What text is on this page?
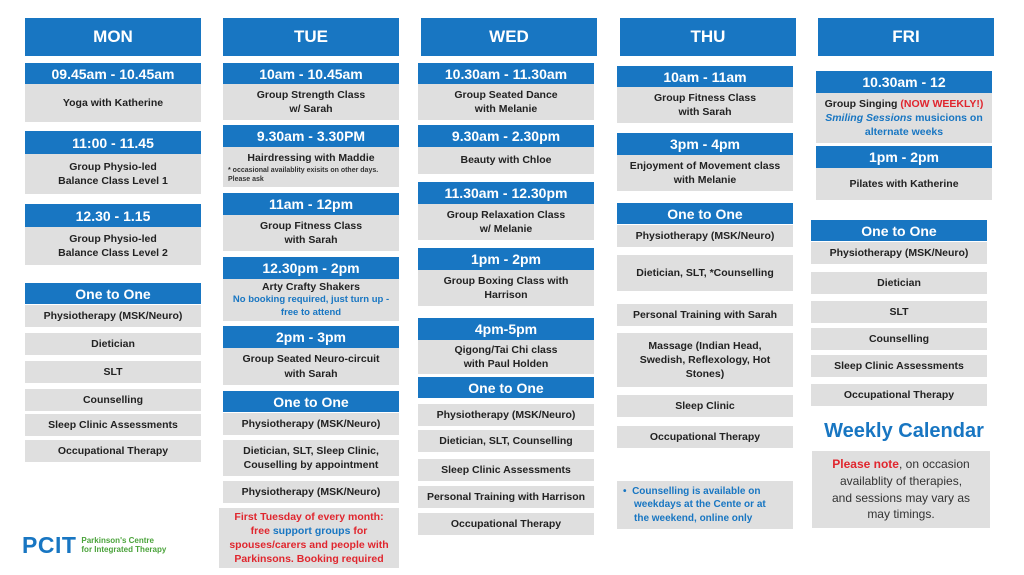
MON	TUE	WED	THU	FRI
09.45am - 10.45am
Yoga with Katherine
11:00 - 11.45
Group Physio-led
Balance Class Level 1
12.30 - 1.15
Group Physio-led
Balance Class Level 2
One to One
Physiotherapy (MSK/Neuro)
Dietician
SLT
Counselling
Sleep Clinic Assessments
Occupational Therapy
10am - 10.45am
Group Strength Class
w/ Sarah
9.30am - 3.30PM
Hairdressing with Maddie
* occasional availablity exisits on other days. Please ask
11am - 12pm
Group Fitness Class
with Sarah
12.30pm - 2pm
Arty Crafty Shakers
No booking required, just turn up -
free to attend
2pm - 3pm
Group Seated Neuro-circuit
with Sarah
One to One
Physiotherapy (MSK/Neuro)
Dietician, SLT, Sleep Clinic,
Couselling by appointment
Physiotherapy (MSK/Neuro)
First Tuesday of every month:
free support groups for
spouses/carers and people with
Parkinsons. Booking required
10.30am - 11.30am
Group Seated Dance
with Melanie
9.30am - 2.30pm
Beauty with Chloe
11.30am - 12.30pm
Group Relaxation Class
w/ Melanie
1pm - 2pm
Group Boxing Class with
Harrison
4pm-5pm
Qigong/Tai Chi class
with Paul Holden
One to One
Physiotherapy (MSK/Neuro)
Dietician, SLT, Counselling
Sleep Clinic Assessments
Personal Training with Harrison
Occupational Therapy
10am - 11am
Group Fitness Class
with Sarah
3pm - 4pm
Enjoyment of Movement class
with Melanie
One to One
Physiotherapy (MSK/Neuro)
Dietician, SLT, *Counselling
Personal Training with Sarah
Massage (Indian Head,
Swedish, Reflexology, Hot
Stones)
Sleep Clinic
Occupational Therapy
•  Counselling is available on
weekdays at the Cente or at
the weekend, online only
10.30am - 12
Group Singing (NOW WEEKLY!)
Smiling Sessions musicions on
alternate weeks
1pm - 2pm
Pilates with Katherine
One to One
Physiotherapy (MSK/Neuro)
Dietician
SLT
Counselling
Sleep Clinic Assessments
Occupational Therapy
Weekly Calendar
Please note, on occasion
availablity of therapies,
and sessions may vary as
may timings.
PCIT Parkinson's Centre
for Integrated Therapy
